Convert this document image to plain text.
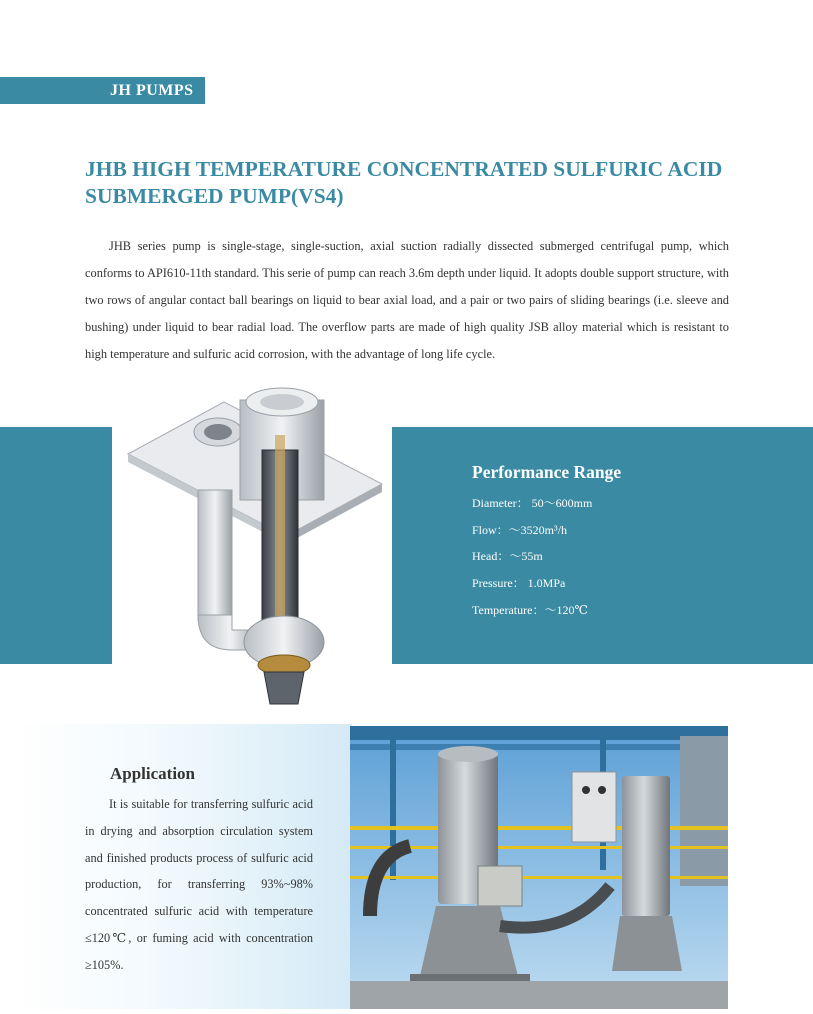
JH PUMPS
JHB HIGH TEMPERATURE CONCENTRATED SULFURIC ACID
SUBMERGED PUMP(VS4)

JHB series pump is single-stage, single-suction, axial suction radially dissected submerged centrifugal pump, which conforms to API610-11th standard. This serie of pump can reach 3.6m depth under liquid. It adopts double support structure, with two rows of angular contact ball bearings on liquid to bear axial load, and a pair or two pairs of sliding bearings (i.e. sleeve and bushing) under liquid to bear radial load. The overflow parts are made of high quality JSB alloy material which is resistant to high temperature and sulfuric acid corrosion, with the advantage of long life cycle.

Performance Range
Diameter： 50～600mm
Flow：～3520m³/h
Head：～55m
Pressure： 1.0MPa
Temperature：～120℃
Application

It is suitable for transferring sulfuric acid in drying and absorption circulation system and finished products process of sulfuric acid production, for transferring 93%~98% concentrated sulfuric acid with temperature ≤120℃, or fuming acid with concentration ≥105%.
